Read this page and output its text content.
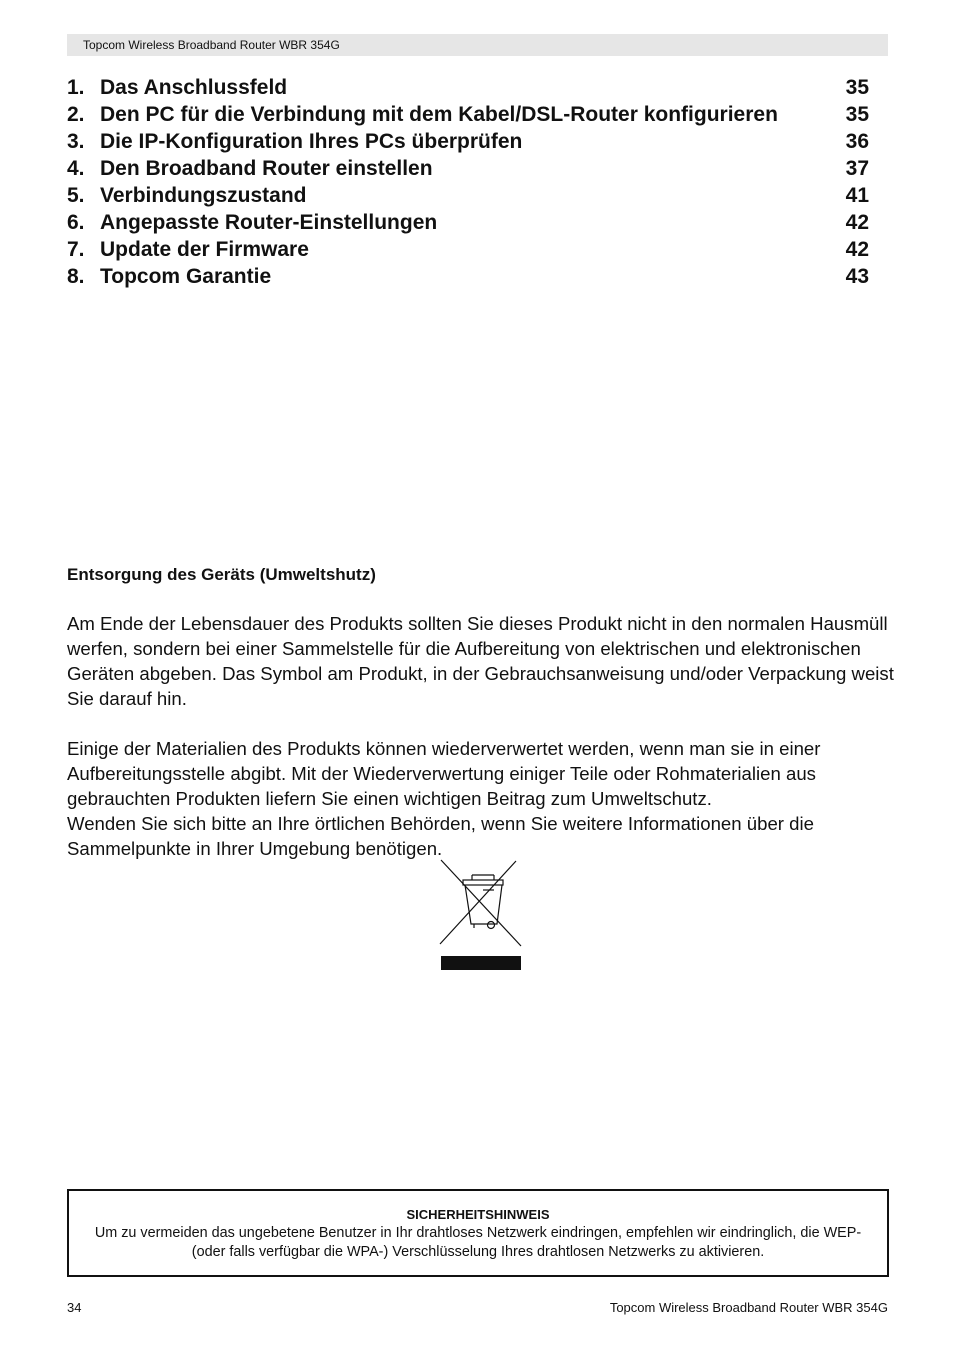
Topcom Wireless Broadband Router WBR 354G
1. Das Anschlussfeld	35
2. Den PC für die Verbindung mit dem Kabel/DSL-Router konfigurieren	35
3. Die IP-Konfiguration Ihres PCs überprüfen	36
4. Den Broadband Router einstellen	37
5. Verbindungszustand	41
6. Angepasste Router-Einstellungen	42
7. Update der Firmware	42
8. Topcom Garantie	43
Entsorgung des Geräts (Umweltshutz)
Am Ende der Lebensdauer des Produkts sollten Sie dieses Produkt nicht in den normalen Hausmüll werfen, sondern bei einer Sammelstelle für die Aufbereitung von elektrischen und elektronischen Geräten abgeben. Das Symbol am Produkt, in der Gebrauchsanweisung und/oder Verpackung weist Sie darauf hin.
Einige der Materialien des Produkts können wiederverwertet werden, wenn man sie in einer Aufbereitungsstelle abgibt. Mit der Wiederverwertung einiger Teile oder Rohmaterialien aus gebrauchten Produkten liefern Sie einen wichtigen Beitrag zum Umweltschutz.
Wenden Sie sich bitte an Ihre örtlichen Behörden, wenn Sie weitere Informationen über die Sammelpunkte in Ihrer Umgebung benötigen.
SICHERHEITSHINWEIS
Um zu vermeiden das ungebetene Benutzer in Ihr drahtloses Netzwerk eindringen, empfehlen wir eindringlich, die WEP- (oder falls verfügbar die WPA-) Verschlüsselung Ihres drahtlosen Netzwerks zu aktivieren.
34	Topcom Wireless Broadband Router WBR 354G
